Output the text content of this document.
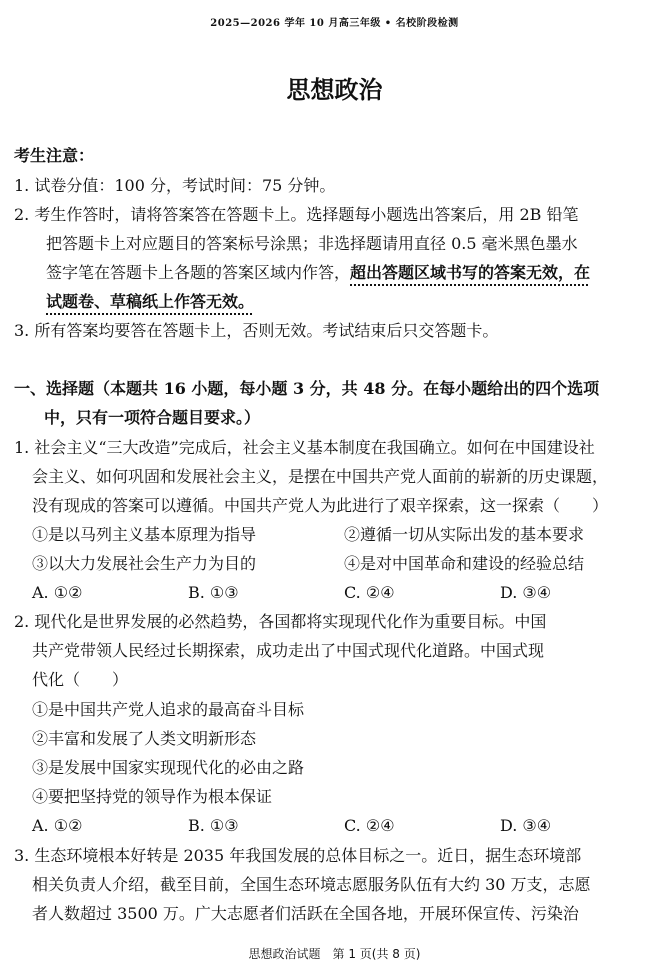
2025—2026 学年 10 月高三年级 • 名校阶段检测
思想政治
考生注意：
1. 试卷分值：100 分，考试时间：75 分钟。
2. 考生作答时，请将答案答在答题卡上。选择题每小题选出答案后，用 2B 铅笔
把答题卡上对应题目的答案标号涂黑；非选择题请用直径 0.5 毫米黑色墨水
签字笔在答题卡上各题的答案区域内作答，超出答题区域书写的答案无效，在
试题卷、草稿纸上作答无效。
3. 所有答案均要答在答题卡上，否则无效。考试结束后只交答题卡。
一、选择题（本题共 16 小题，每小题 3 分，共 48 分。在每小题给出的四个选项
中，只有一项符合题目要求。）
1. 社会主义“三大改造”完成后，社会主义基本制度在我国确立。如何在中国建设社
会主义、如何巩固和发展社会主义，是摆在中国共产党人面前的崭新的历史课题，
没有现成的答案可以遵循。中国共产党人为此进行了艰辛探索，这一探索（　　）
①是以马列主义基本原理为指导	②遵循一切从实际出发的基本要求
③以大力发展社会生产力为目的	④是对中国革命和建设的经验总结
A. ①②	B. ①③	C. ②④	D. ③④
2. 现代化是世界发展的必然趋势，各国都将实现现代化作为重要目标。中国
共产党带领人民经过长期探索，成功走出了中国式现代化道路。中国式现
代化（　　）
①是中国共产党人追求的最高奋斗目标
②丰富和发展了人类文明新形态
③是发展中国家实现现代化的必由之路
④要把坚持党的领导作为根本保证
A. ①②	B. ①③	C. ②④	D. ③④
3. 生态环境根本好转是 2035 年我国发展的总体目标之一。近日，据生态环境部
相关负责人介绍，截至目前，全国生态环境志愿服务队伍有大约 30 万支，志愿
者人数超过 3500 万。广大志愿者们活跃在全国各地，开展环保宣传、污染治
思想政治试题　第 1 页(共 8 页)
